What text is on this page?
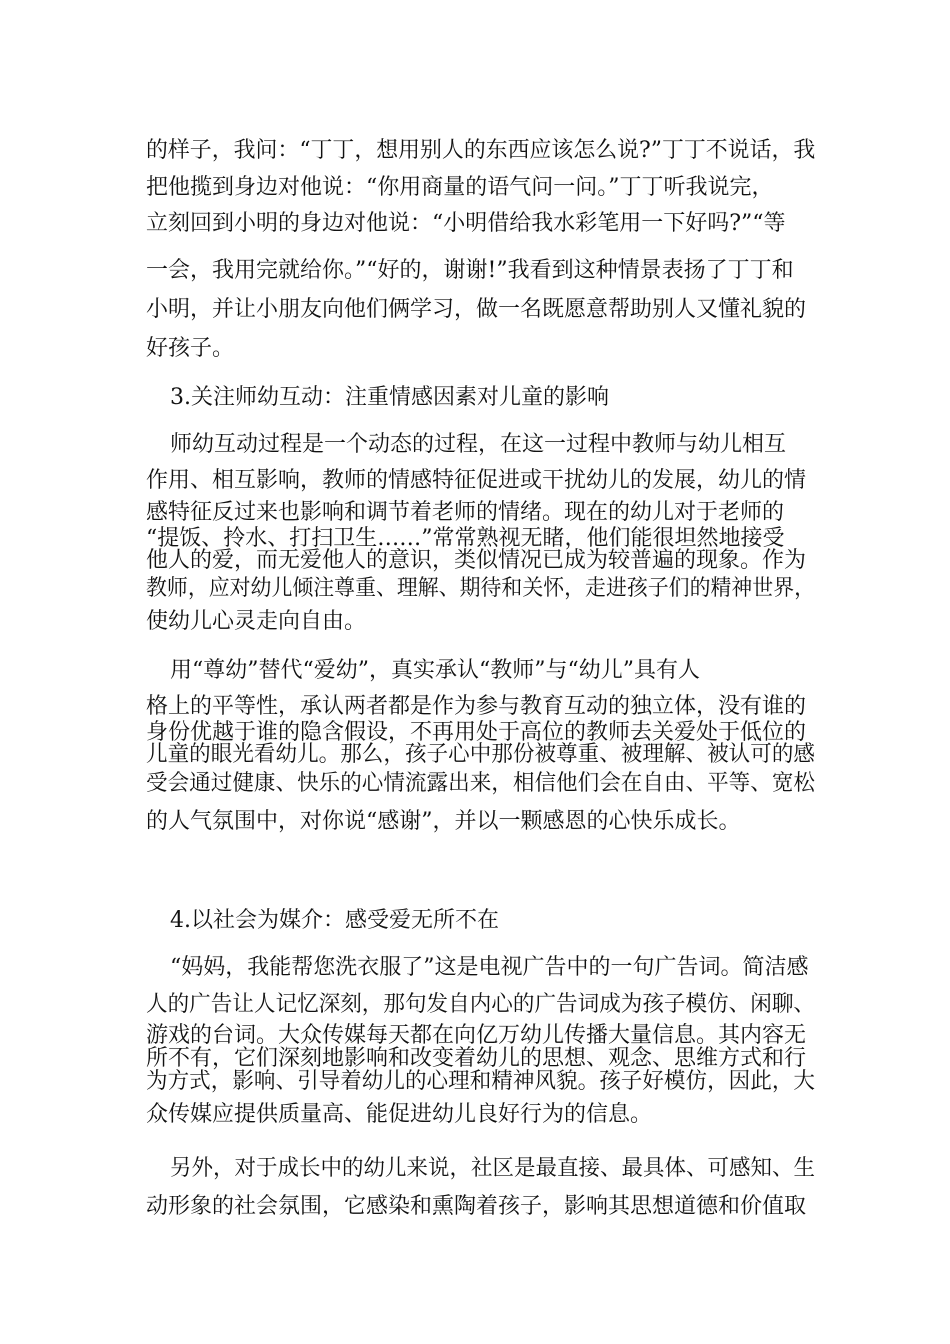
的样子，我问：“丁丁，想用别人的东西应该怎么说?”丁丁不说话，我
把他揽到身边对他说：“你用商量的语气问一问。”丁丁听我说完，
立刻回到小明的身边对他说：“小明借给我水彩笔用一下好吗?”“等
一会，我用完就给你。”“好的，谢谢!”我看到这种情景表扬了丁丁和
小明，并让小朋友向他们俩学习，做一名既愿意帮助别人又懂礼貌的
好孩子。
3.关注师幼互动：注重情感因素对儿童的影响
师幼互动过程是一个动态的过程，在这一过程中教师与幼儿相互
作用、相互影响，教师的情感特征促进或干扰幼儿的发展，幼儿的情
感特征反过来也影响和调节着老师的情绪。现在的幼儿对于老师的
“提饭、拎水、打扫卫生……”常常熟视无睹，他们能很坦然地接受
他人的爱，而无爱他人的意识，类似情况已成为较普遍的现象。作为
教师，应对幼儿倾注尊重、理解、期待和关怀，走进孩子们的精神世界，
使幼儿心灵走向自由。
用“尊幼”替代“爱幼”，真实承认“教师”与“幼儿”具有人
格上的平等性，承认两者都是作为参与教育互动的独立体，没有谁的
身份优越于谁的隐含假设，不再用处于高位的教师去关爱处于低位的
儿童的眼光看幼儿。那么，孩子心中那份被尊重、被理解、被认可的感
受会通过健康、快乐的心情流露出来，相信他们会在自由、平等、宽松
的人气氛围中，对你说“感谢”，并以一颗感恩的心快乐成长。
4.以社会为媒介：感受爱无所不在
“妈妈，我能帮您洗衣服了”这是电视广告中的一句广告词。简洁感
人的广告让人记忆深刻，那句发自内心的广告词成为孩子模仿、闲聊、
游戏的台词。大众传媒每天都在向亿万幼儿传播大量信息。其内容无
所不有，它们深刻地影响和改变着幼儿的思想、观念、思维方式和行
为方式，影响、引导着幼儿的心理和精神风貌。孩子好模仿，因此，大
众传媒应提供质量高、能促进幼儿良好行为的信息。
另外，对于成长中的幼儿来说，社区是最直接、最具体、可感知、生
动形象的社会氛围，它感染和熏陶着孩子，影响其思想道德和价值取
